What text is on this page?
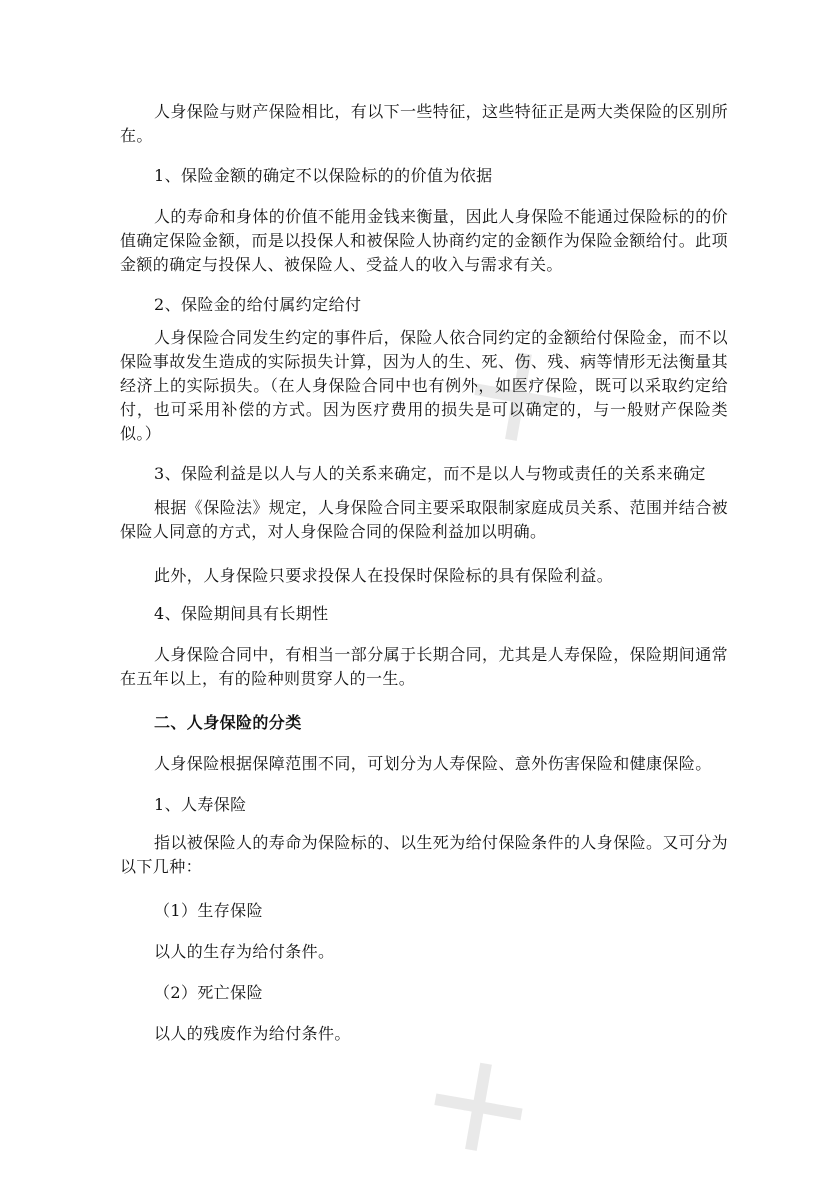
✕
✕

人身保险与财产保险相比，有以下一些特征，这些特征正是两大类保险的区别所在。

1、保险金额的确定不以保险标的的价值为依据

人的寿命和身体的价值不能用金钱来衡量，因此人身保险不能通过保险标的的价值确定保险金额，而是以投保人和被保险人协商约定的金额作为保险金额给付。此项金额的确定与投保人、被保险人、受益人的收入与需求有关。

2、保险金的给付属约定给付

人身保险合同发生约定的事件后，保险人依合同约定的金额给付保险金，而不以保险事故发生造成的实际损失计算，因为人的生、死、伤、残、病等情形无法衡量其经济上的实际损失。（在人身保险合同中也有例外，如医疗保险，既可以采取约定给付，也可采用补偿的方式。因为医疗费用的损失是可以确定的，与一般财产保险类似。）

3、保险利益是以人与人的关系来确定，而不是以人与物或责任的关系来确定

根据《保险法》规定，人身保险合同主要采取限制家庭成员关系、范围并结合被保险人同意的方式，对人身保险合同的保险利益加以明确。

此外，人身保险只要求投保人在投保时保险标的具有保险利益。

4、保险期间具有长期性

人身保险合同中，有相当一部分属于长期合同，尤其是人寿保险，保险期间通常在五年以上，有的险种则贯穿人的一生。

二、人身保险的分类

人身保险根据保障范围不同，可划分为人寿保险、意外伤害保险和健康保险。

1、人寿保险

指以被保险人的寿命为保险标的、以生死为给付保险条件的人身保险。又可分为以下几种：

（1）生存保险

以人的生存为给付条件。

（2）死亡保险

以人的残废作为给付条件。
